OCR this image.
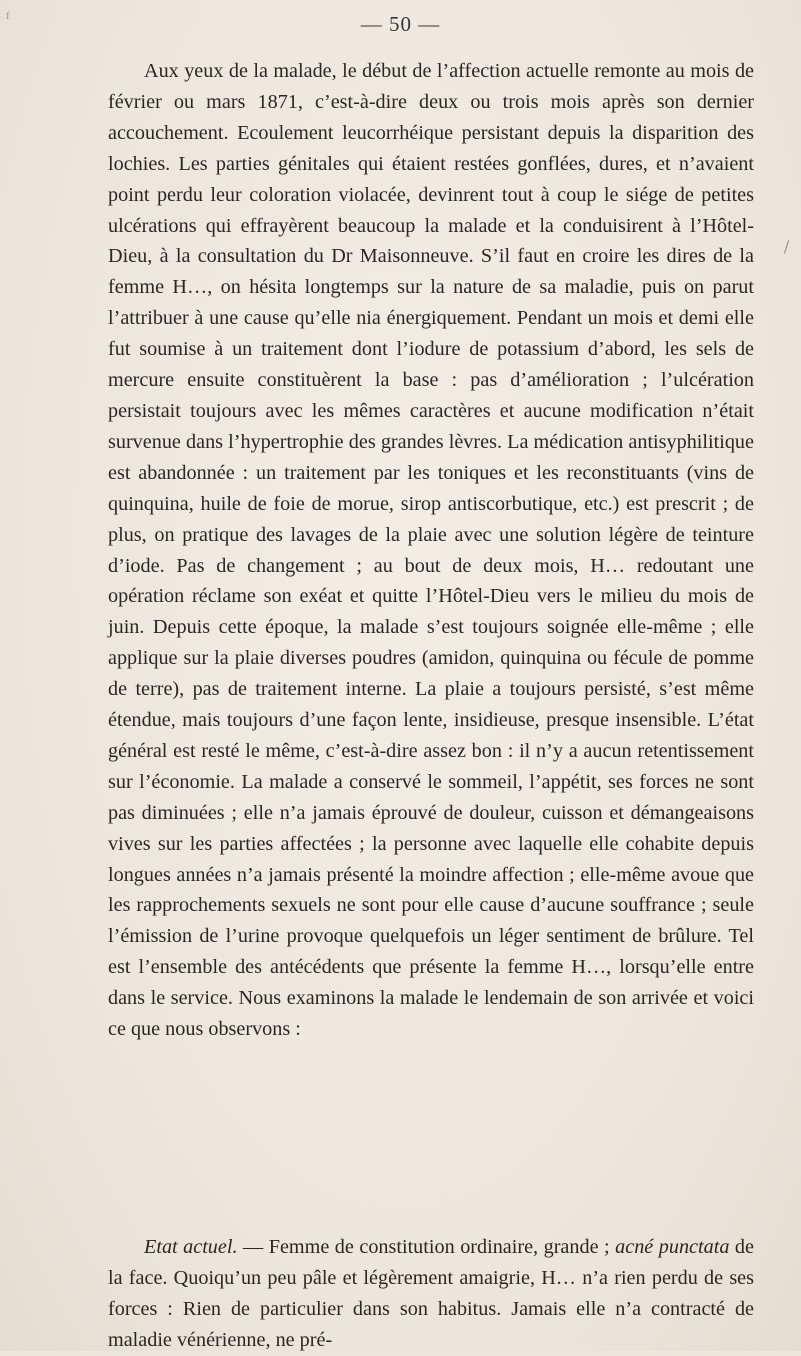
f	— 50 —

Aux yeux de la malade, le début de l’affection actuelle remonte au mois de février ou mars 1871, c’est-à-dire deux ou trois mois après son dernier accouchement. Ecoulement leucorrhéique persistant depuis la disparition des lochies. Les parties génitales qui étaient restées gonflées, dures, et n’avaient point perdu leur coloration violacée, devinrent tout à coup le siége de petites ulcérations qui effrayèrent beaucoup la malade et la conduisirent à l’Hôtel-Dieu, à la consultation du Dr Maisonneuve. S’il faut en croire les dires de la femme H…, on hésita longtemps sur la nature de sa maladie, puis on parut l’attribuer à une cause qu’elle nia énergiquement. Pendant un mois et demi elle fut soumise à un traitement dont l’iodure de potassium d’abord, les sels de mercure ensuite constituèrent la base : pas d’amélioration ; l’ulcération persistait toujours avec les mêmes caractères et aucune modification n’était survenue dans l’hypertrophie des grandes lèvres. La médication antisyphilitique est abandonnée : un traitement par les toniques et les reconstituants (vins de quinquina, huile de foie de morue, sirop antiscorbutique, etc.) est prescrit ; de plus, on pratique des lavages de la plaie avec une solution légère de teinture d’iode. Pas de changement ; au bout de deux mois, H… redoutant une opération réclame son exéat et quitte l’Hôtel-Dieu vers le milieu du mois de juin. Depuis cette époque, la malade s’est toujours soignée elle-même ; elle applique sur la plaie diverses poudres (amidon, quinquina ou fécule de pomme de terre), pas de traitement interne. La plaie a toujours persisté, s’est même étendue, mais toujours d’une façon lente, insidieuse, presque insensible. L’état général est resté le même, c’est-à-dire assez bon : il n’y a aucun retentissement sur l’économie. La malade a conservé le sommeil, l’appétit, ses forces ne sont pas diminuées ; elle n’a jamais éprouvé de douleur, cuisson et démangeaisons vives sur les parties affectées ; la personne avec laquelle elle cohabite depuis longues années n’a jamais présenté la moindre affection ; elle-même avoue que les rapprochements sexuels ne sont pour elle cause d’aucune souffrance ; seule l’émission de l’urine provoque quelquefois un léger sentiment de brûlure. Tel est l’ensemble des antécédents que présente la femme H…, lorsqu’elle entre dans le service. Nous examinons la malade le lendemain de son arrivée et voici ce que nous observons :

Etat actuel. — Femme de constitution ordinaire, grande ; acné punctata de la face. Quoiqu’un peu pâle et légèrement amaigrie, H… n’a rien perdu de ses forces : Rien de particulier dans son habitus. Jamais elle n’a contracté de maladie vénérienne, ne pré-
